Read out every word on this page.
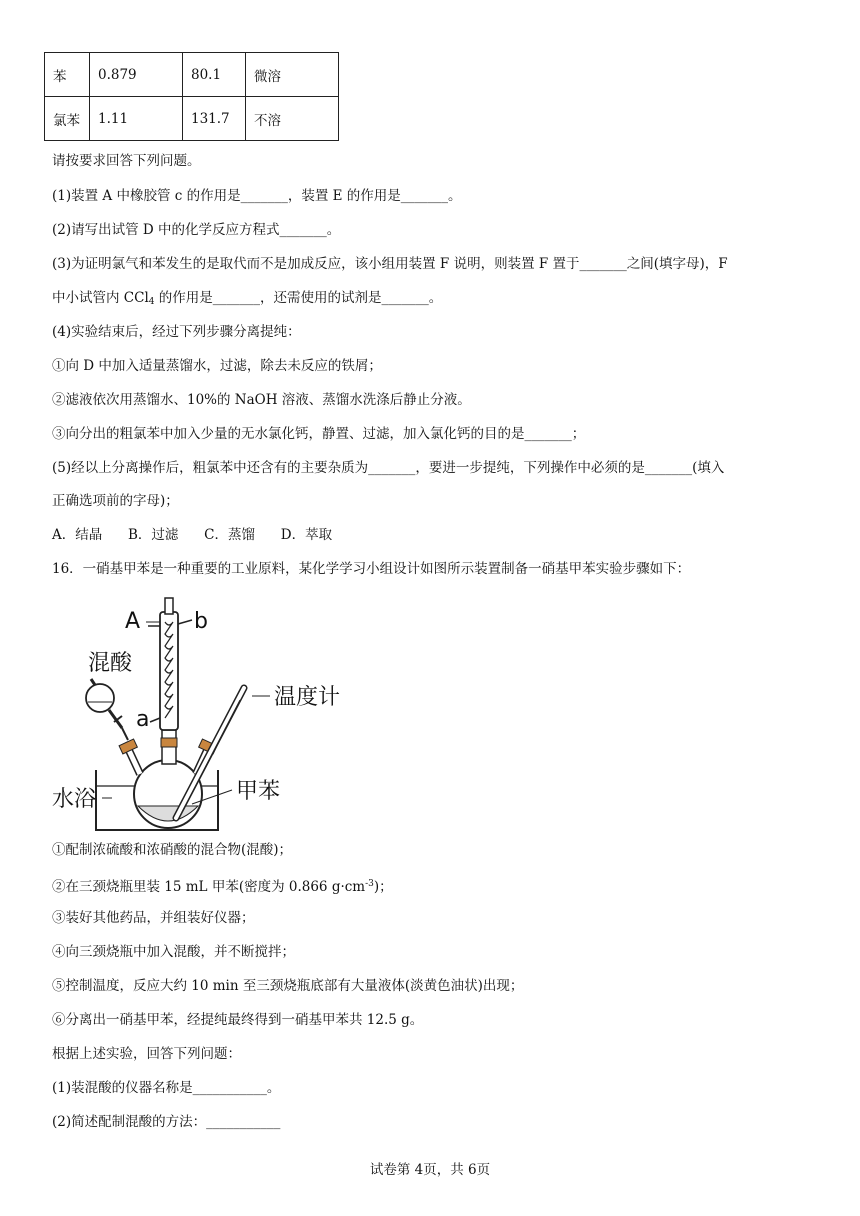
苯	0.879	80.1	微溶
氯苯	1.11	131.7	不溶
请按要求回答下列问题。
(1)装置 A 中橡胶管 c 的作用是_______，装置 E 的作用是_______。
(2)请写出试管 D 中的化学反应方程式_______。
(3)为证明氯气和苯发生的是取代而不是加成反应，该小组用装置 F 说明，则装置 F 置于_______之间(填字母)，F
中小试管内 CCl$_4$ 的作用是_______，还需使用的试剂是_______。
(4)实验结束后，经过下列步骤分离提纯：
①向 D 中加入适量蒸馏水，过滤，除去未反应的铁屑；
②滤液依次用蒸馏水、10%的 NaOH 溶液、蒸馏水洗涤后静止分液。
③向分出的粗氯苯中加入少量的无水氯化钙，静置、过滤，加入氯化钙的目的是_______；
(5)经以上分离操作后，粗氯苯中还含有的主要杂质为_______，要进一步提纯，下列操作中必须的是_______(填入
正确选项前的字母)；
A．结晶      B．过滤      C．蒸馏      D．萃取
16．一硝基甲苯是一种重要的工业原料，某化学学习小组设计如图所示装置制备一硝基甲苯实验步骤如下：
A b
混酸
a
温度计
水浴	甲苯
①配制浓硫酸和浓硝酸的混合物(混酸)；
②在三颈烧瓶里装 15 mL 甲苯(密度为 0.866 $g\cdot cm^{-3}$)；
③装好其他药品，并组装好仪器；
④向三颈烧瓶中加入混酸，并不断搅拌；
⑤控制温度，反应大约 10 min 至三颈烧瓶底部有大量液体(淡黄色油状)出现；
⑥分离出一硝基甲苯，经提纯最终得到一硝基甲苯共 12.5 g。
根据上述实验，回答下列问题：
(1)装混酸的仪器名称是___________。
(2)简述配制混酸的方法：___________
试卷第 4页，共 6页
